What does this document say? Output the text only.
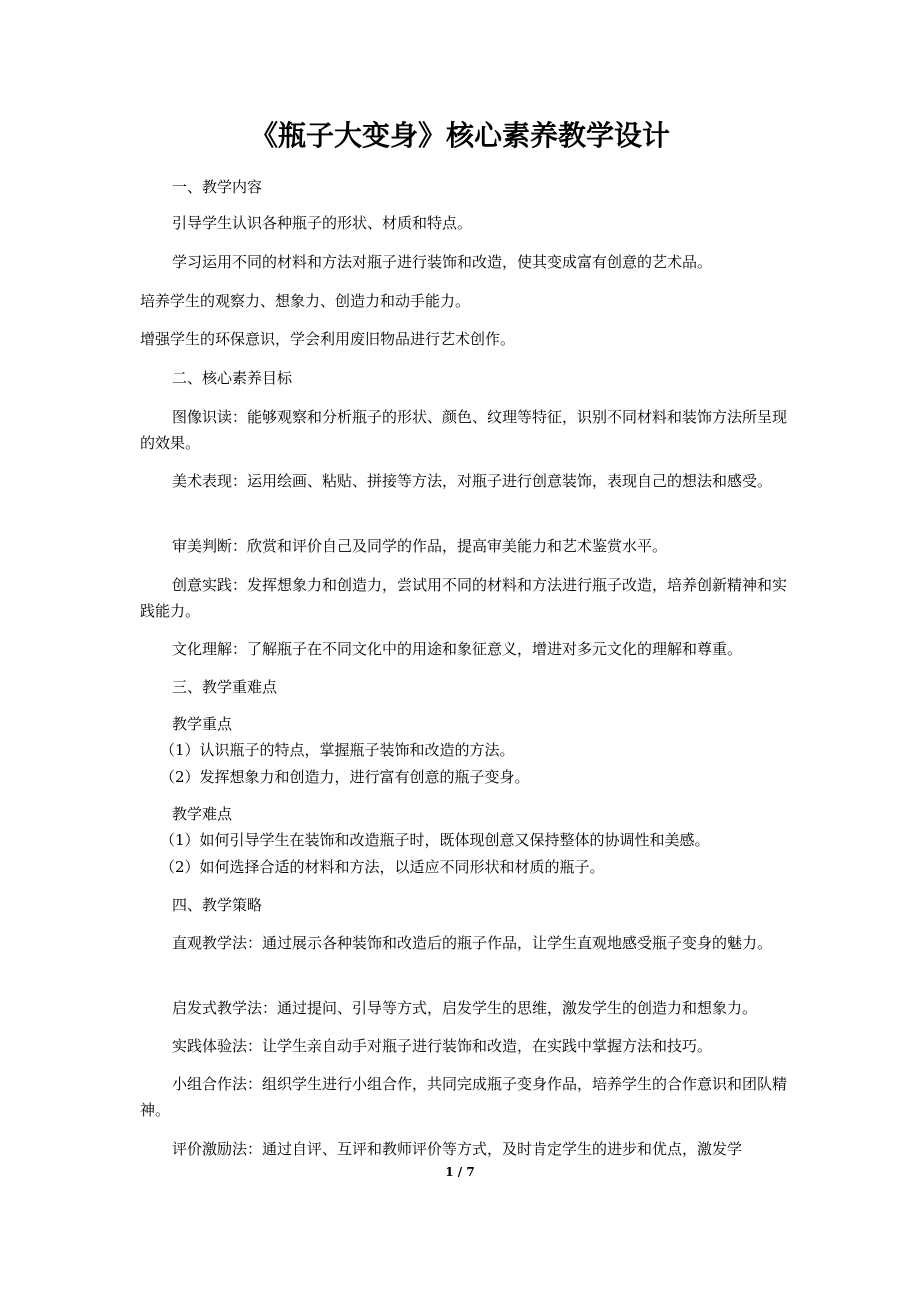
《瓶子大变身》核心素养教学设计

一、教学内容

引导学生认识各种瓶子的形状、材质和特点。

学习运用不同的材料和方法对瓶子进行装饰和改造，使其变成富有创意的艺术品。

培养学生的观察力、想象力、创造力和动手能力。

增强学生的环保意识，学会利用废旧物品进行艺术创作。

二、核心素养目标

图像识读：能够观察和分析瓶子的形状、颜色、纹理等特征，识别不同材料和装饰方法所呈现的效果。

美术表现：运用绘画、粘贴、拼接等方法，对瓶子进行创意装饰，表现自己的想法和感受。

审美判断：欣赏和评价自己及同学的作品，提高审美能力和艺术鉴赏水平。

创意实践：发挥想象力和创造力，尝试用不同的材料和方法进行瓶子改造，培养创新精神和实践能力。

文化理解：了解瓶子在不同文化中的用途和象征意义，增进对多元文化的理解和尊重。

三、教学重难点

教学重点

（1）认识瓶子的特点，掌握瓶子装饰和改造的方法。

（2）发挥想象力和创造力，进行富有创意的瓶子变身。

教学难点

（1）如何引导学生在装饰和改造瓶子时，既体现创意又保持整体的协调性和美感。

（2）如何选择合适的材料和方法，以适应不同形状和材质的瓶子。

四、教学策略

直观教学法：通过展示各种装饰和改造后的瓶子作品，让学生直观地感受瓶子变身的魅力。

启发式教学法：通过提问、引导等方式，启发学生的思维，激发学生的创造力和想象力。

实践体验法：让学生亲自动手对瓶子进行装饰和改造，在实践中掌握方法和技巧。

小组合作法：组织学生进行小组合作，共同完成瓶子变身作品，培养学生的合作意识和团队精神。

评价激励法：通过自评、互评和教师评价等方式，及时肯定学生的进步和优点，激发学

1 / 7
